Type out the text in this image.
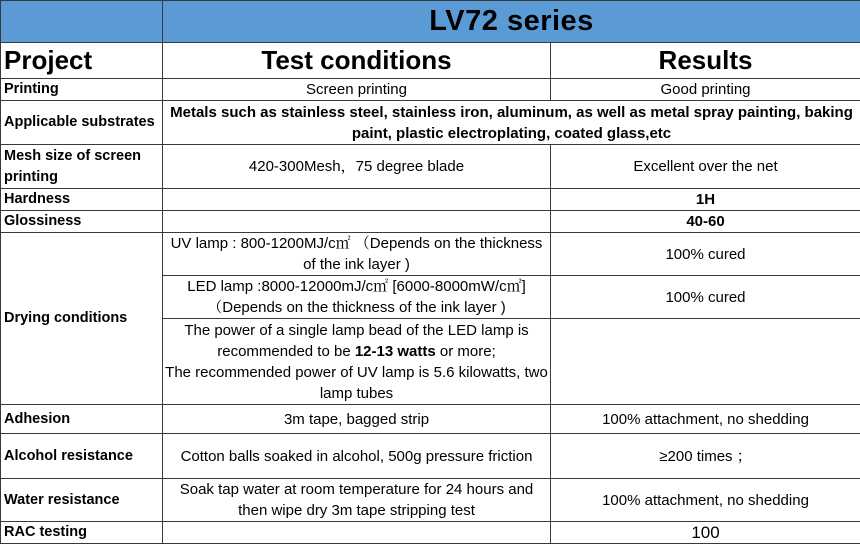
	LV72 series	
Project	Test conditions	Results
Printing	Screen printing	Good printing
Applicable substrates	Metals such as stainless steel, stainless iron, aluminum, as well as metal spray painting, baking paint, plastic electroplating, coated glass,etc	
Mesh size of screen printing	420-300Mesh，75 degree blade	Excellent over the net
Hardness		1H
Glossiness		40-60
Drying conditions	UV lamp : 800-1200MJ/c㎡ （Depends on the thickness of the ink layer )	100% cured
	LED lamp :8000-12000mJ/c㎡ [6000-8000mW/c㎡] （Depends on the thickness of the ink layer )	100% cured
	The power of a single lamp bead of the LED lamp is recommended to be 12-13 watts or more;
The recommended power of UV lamp is 5.6 kilowatts, two lamp tubes	
Adhesion	3m tape, bagged strip	100% attachment, no shedding
Alcohol resistance	Cotton balls soaked in alcohol, 500g pressure friction	≥200 times ；
Water resistance	Soak tap water at room temperature for 24 hours and then wipe dry 3m tape stripping test	100% attachment, no shedding
RAC testing		100
